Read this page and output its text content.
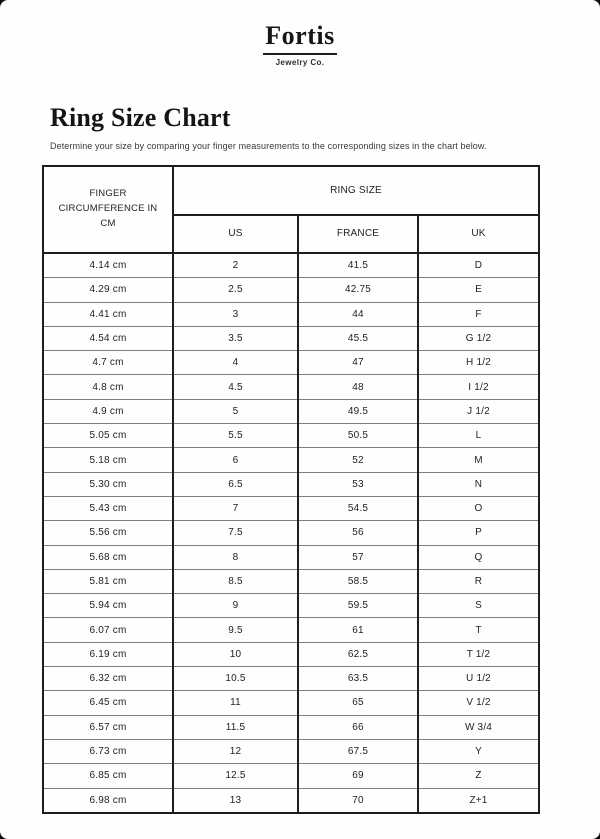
Fortis
Jewelry Co.
Ring Size Chart

Determine your size by comparing your finger measurements to the corresponding sizes in the chart below.

FINGER CIRCUMFERENCE IN CM	RING SIZE		
	US	FRANCE	UK
4.14 cm	2	41.5	D
4.29 cm	2.5	42.75	E
4.41 cm	3	44	F
4.54 cm	3.5	45.5	G 1/2
4.7 cm	4	47	H 1/2
4.8 cm	4.5	48	I 1/2
4.9 cm	5	49.5	J 1/2
5.05 cm	5.5	50.5	L
5.18 cm	6	52	M
5.30 cm	6.5	53	N
5.43 cm	7	54.5	O
5.56 cm	7.5	56	P
5.68 cm	8	57	Q
5.81 cm	8.5	58.5	R
5.94 cm	9	59.5	S
6.07 cm	9.5	61	T
6.19 cm	10	62.5	T 1/2
6.32 cm	10.5	63.5	U 1/2
6.45 cm	11	65	V 1/2
6.57 cm	11.5	66	W 3/4
6.73 cm	12	67.5	Y
6.85 cm	12.5	69	Z
6.98 cm	13	70	Z+1
